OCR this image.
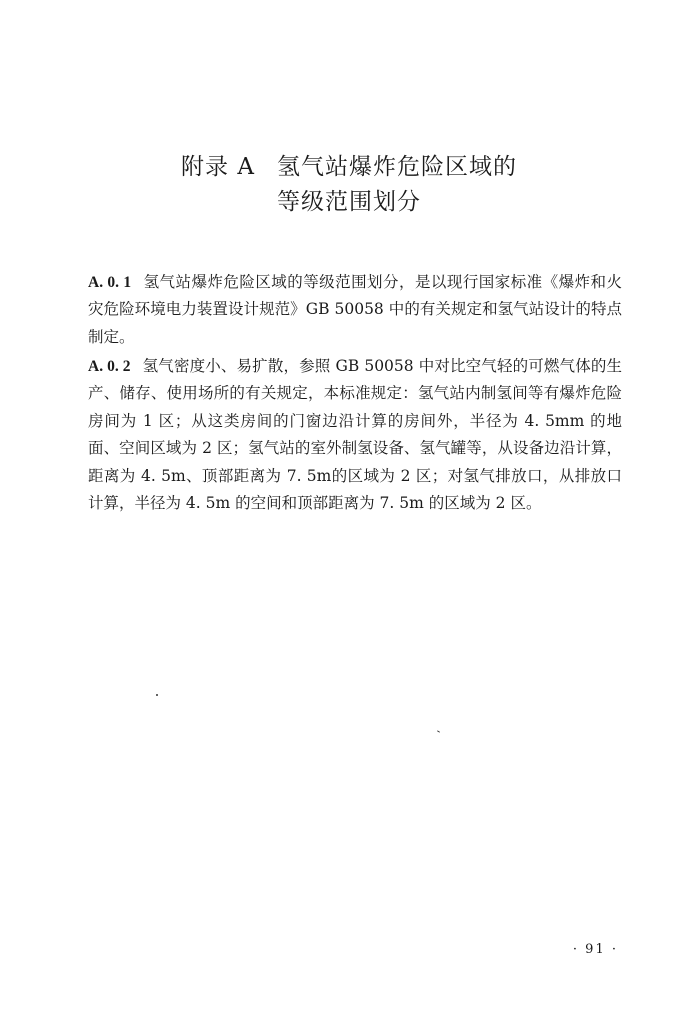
附录 A 氢气站爆炸危险区域的
等级范围划分

A. 0. 1 氢气站爆炸危险区域的等级范围划分，是以现行国家标准《爆炸和火灾危险环境电力装置设计规范》GB 50058 中的有关规定和氢气站设计的特点制定。

A. 0. 2 氢气密度小、易扩散，参照 GB 50058 中对比空气轻的可燃气体的生产、储存、使用场所的有关规定，本标准规定：氢气站内制氢间等有爆炸危险房间为 1 区；从这类房间的门窗边沿计算的房间外，半径为 4. 5mm 的地面、空间区域为 2 区；氢气站的室外制氢设备、氢气罐等，从设备边沿计算，距离为 4. 5m、顶部距离为 7. 5m的区域为 2 区；对氢气排放口，从排放口计算，半径为 4. 5m 的空间和顶部距离为 7. 5m 的区域为 2 区。

· 91 ·
